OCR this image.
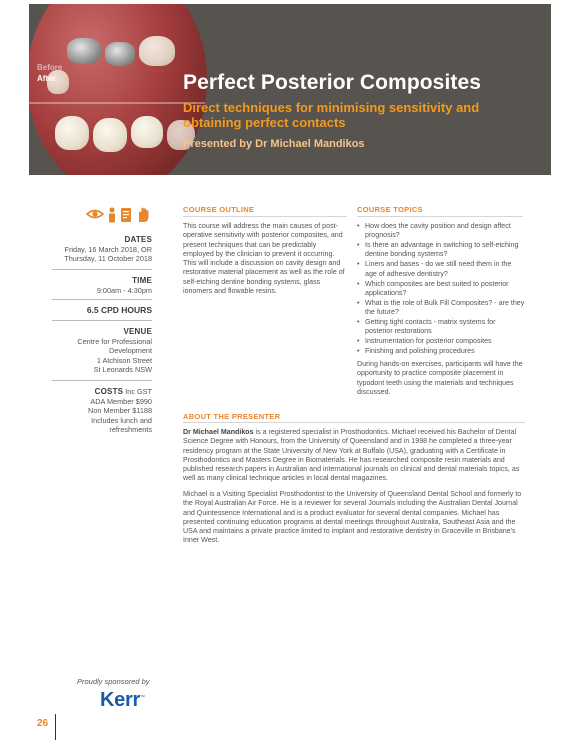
Before
After	Perfect Posterior Composites
Direct techniques for minimising sensitivity and obtaining perfect contacts
Presented by Dr Michael Mandikos
DATES
Friday, 16 March 2018, OR
Thursday, 11 October 2018
TIME
9:00am - 4:30pm
6.5 CPD HOURS
VENUE
Centre for Professional
Development
1 Atchison Street
St Leonards NSW
COSTS Inc GST
ADA Member $990
Non Member $1188
Includes lunch and
refreshments
COURSE OUTLINE
This course will address the main causes of post-operative sensitivity with posterior composites, and present techniques that can be predictably employed by the clinician to prevent it occurring. This will include a discussion on cavity design and restorative material placement as well as the role of self-etching dentine bonding systems, glass ionomers and flowable resins.
COURSE TOPICS
• How does the cavity position and design affect prognosis?
• Is there an advantage in switching to self-etching dentine bonding systems?
• Liners and bases - do we still need them in the age of adhesive dentistry?
• Which composites are best suited to posterior applications?
• What is the role of Bulk Fill Composites? - are they the future?
• Getting tight contacts - matrix systems for posterior restorations
• Instrumentation for posterior composites
• Finishing and polishing procedures
During hands-on exercises, participants will have the opportunity to practice composite placement in typodont teeth using the materials and techniques discussed.
ABOUT THE PRESENTER
Dr Michael Mandikos is a registered specialist in Prosthodontics. Michael received his Bachelor of Dental Science Degree with Honours, from the University of Queensland and in 1998 he completed a three-year residency program at the State University of New York at Buffalo (USA), graduating with a Certificate in Prosthodontics and Masters Degree in Biomaterials. He has researched composite resin materials and published research papers in Australian and international journals on clinical and dental materials topics, as well as many clinical technique articles in local dental magazines.
Michael is a Visiting Specialist Prosthodontist to the University of Queensland Dental School and formerly to the Royal Australian Air Force. He is a reviewer for several Journals including the Australian Dental Journal and Quintessence International and is a product evaluator for several dental companies. Michael has presented continuing education programs at dental meetings throughout Australia, Southeast Asia and the USA and maintains a private practice limited to implant and restorative dentistry in Graceville in Brisbane's Inner West.
Proudly sponsored by
Kerr™
26
